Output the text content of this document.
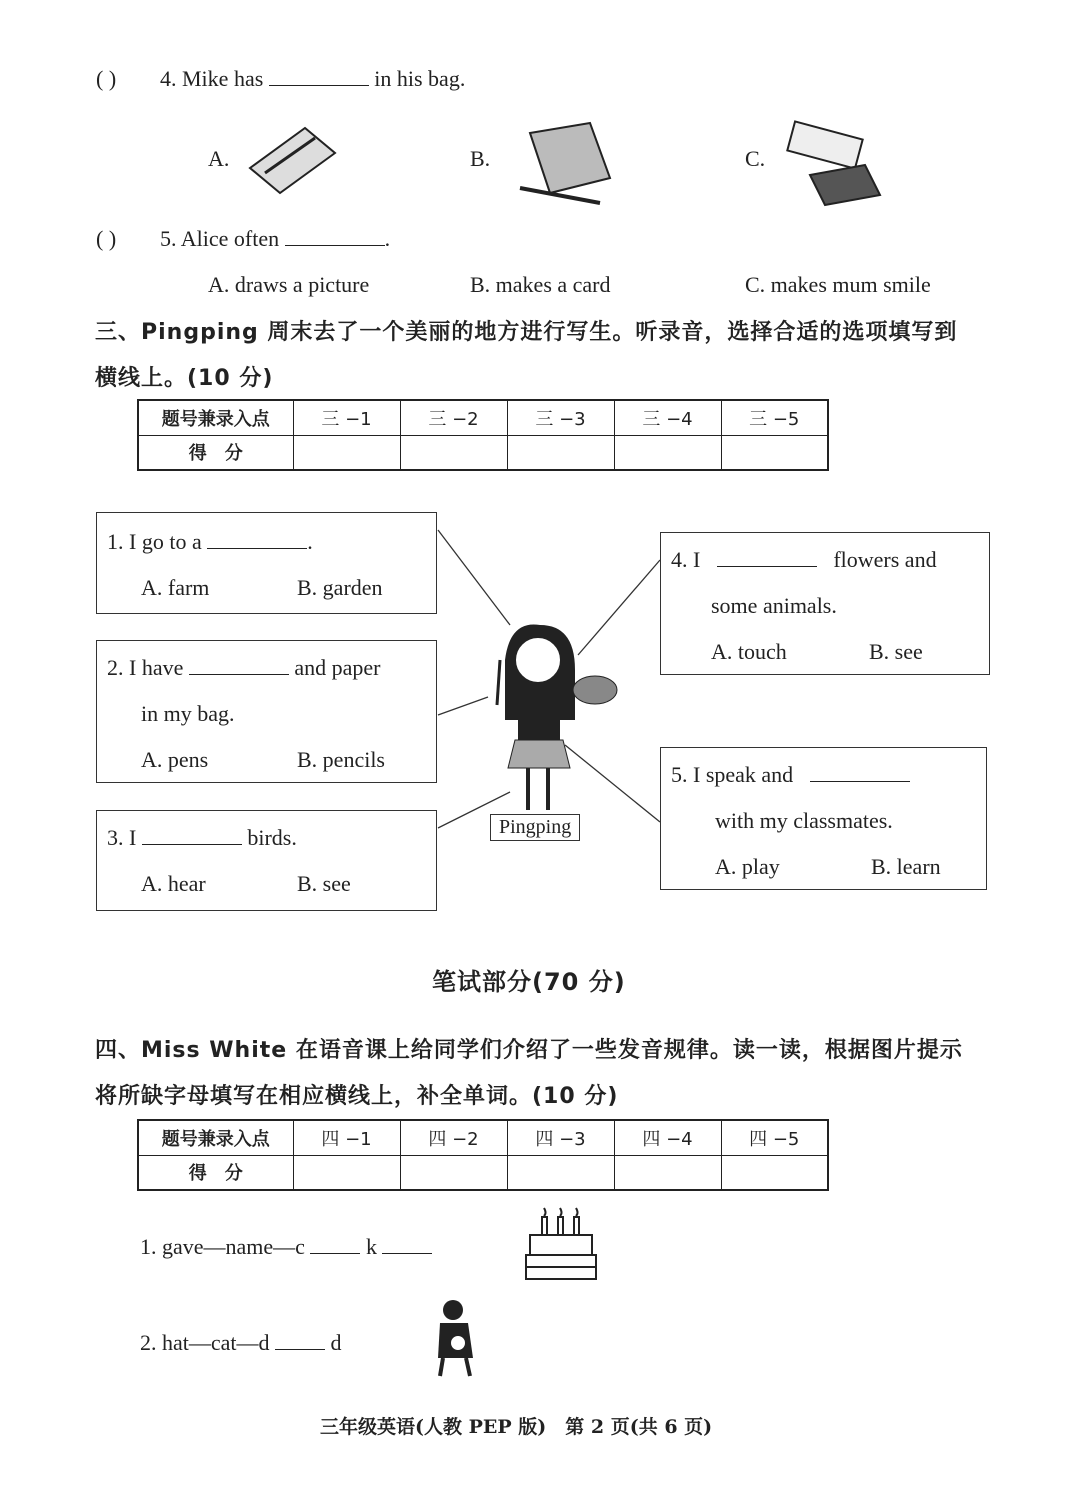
( ) 4. Mike has	in his bag.
A.	B.	C.
( ) 5. Alice often	.
A. draws a picture	B. makes a card	C. makes mum smile
三、Pingping 周末去了一个美丽的地方进行写生。听录音，选择合适的选项填写到
横线上。(10 分)
题号兼录入点	三 −1	三 −2	三 −3	三 −4	三 −5
得　分					
1. I go to a	.
A. farm	B. garden
2. I have	and paper
in my bag.
A. pens	B. pencils
3. I	birds.
A. hear	B. see
4. I	flowers and
some animals.
A. touch	B. see
5. I speak and
with my classmates.
A. play	B. learn
Pingping
笔试部分(70 分)
四、Miss White 在语音课上给同学们介绍了一些发音规律。读一读，根据图片提示
将所缺字母填写在相应横线上，补全单词。(10 分)
题号兼录入点	四 −1	四 −2	四 −3	四 −4	四 −5
得　分					
1. gave—name—c	k
2. hat—cat—d	d
三年级英语(人教 PEP 版)　第 2 页(共 6 页)
